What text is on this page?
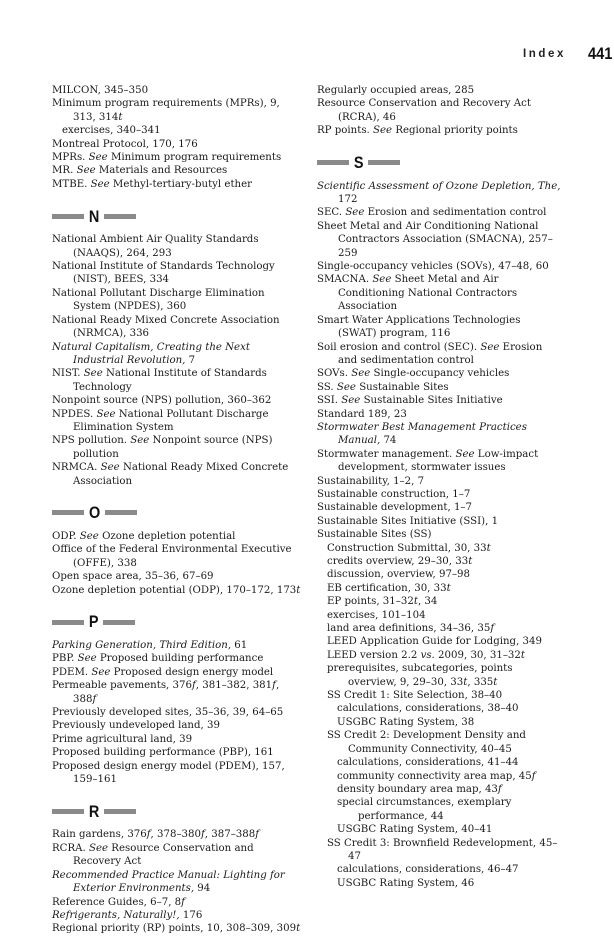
Index 441
MILCON, 345–350
Minimum program requirements (MPRs), 9, 313, 314t
exercises, 340–341
Montreal Protocol, 170, 176
MPRs. See Minimum program requirements
MR. See Materials and Resources
MTBE. See Methyl-tertiary-butyl ether
N
National Ambient Air Quality Standards (NAAQS), 264, 293
National Institute of Standards Technology (NIST), BEES, 334
National Pollutant Discharge Elimination System (NPDES), 360
National Ready Mixed Concrete Association (NRMCA), 336
Natural Capitalism, Creating the Next Industrial Revolution, 7
NIST. See National Institute of Standards Technology
Nonpoint source (NPS) pollution, 360–362
NPDES. See National Pollutant Discharge Elimination System
NPS pollution. See Nonpoint source (NPS) pollution
NRMCA. See National Ready Mixed Concrete Association
O
ODP. See Ozone depletion potential
Office of the Federal Environmental Executive (OFFE), 338
Open space area, 35–36, 67–69
Ozone depletion potential (ODP), 170–172, 173t
P
Parking Generation, Third Edition, 61
PBP. See Proposed building performance
PDEM. See Proposed design energy model
Permeable pavements, 376f, 381–382, 381f, 388f
Previously developed sites, 35–36, 39, 64–65
Previously undeveloped land, 39
Prime agricultural land, 39
Proposed building performance (PBP), 161
Proposed design energy model (PDEM), 157, 159–161
R
Rain gardens, 376f, 378–380f, 387–388f
RCRA. See Resource Conservation and Recovery Act
Recommended Practice Manual: Lighting for Exterior Environments, 94
Reference Guides, 6–7, 8f
Refrigerants, Naturally!, 176
Regional priority (RP) points, 10, 308–309, 309t
Regularly occupied areas, 285
Resource Conservation and Recovery Act (RCRA), 46
RP points. See Regional priority points
S
Scientific Assessment of Ozone Depletion, The, 172
SEC. See Erosion and sedimentation control
Sheet Metal and Air Conditioning National Contractors Association (SMACNA), 257–259
Single-occupancy vehicles (SOVs), 47–48, 60
SMACNA. See Sheet Metal and Air Conditioning National Contractors Association
Smart Water Applications Technologies (SWAT) program, 116
Soil erosion and control (SEC). See Erosion and sedimentation control
SOVs. See Single-occupancy vehicles
SS. See Sustainable Sites
SSI. See Sustainable Sites Initiative
Standard 189, 23
Stormwater Best Management Practices Manual, 74
Stormwater management. See Low-impact development, stormwater issues
Sustainability, 1–2, 7
Sustainable construction, 1–7
Sustainable development, 1–7
Sustainable Sites Initiative (SSI), 1
Sustainable Sites (SS)
Construction Submittal, 30, 33t
credits overview, 29–30, 33t
discussion, overview, 97–98
EB certification, 30, 33t
EP points, 31–32t, 34
exercises, 101–104
land area definitions, 34–36, 35f
LEED Application Guide for Lodging, 349
LEED version 2.2 vs. 2009, 30, 31–32t
prerequisites, subcategories, points overview, 9, 29–30, 33t, 335t
SS Credit 1: Site Selection, 38–40
calculations, considerations, 38–40
USGBC Rating System, 38
SS Credit 2: Development Density and Community Connectivity, 40–45
calculations, considerations, 41–44
community connectivity area map, 45f
density boundary area map, 43f
special circumstances, exemplary performance, 44
USGBC Rating System, 40–41
SS Credit 3: Brownfield Redevelopment, 45–47
calculations, considerations, 46–47
USGBC Rating System, 46
